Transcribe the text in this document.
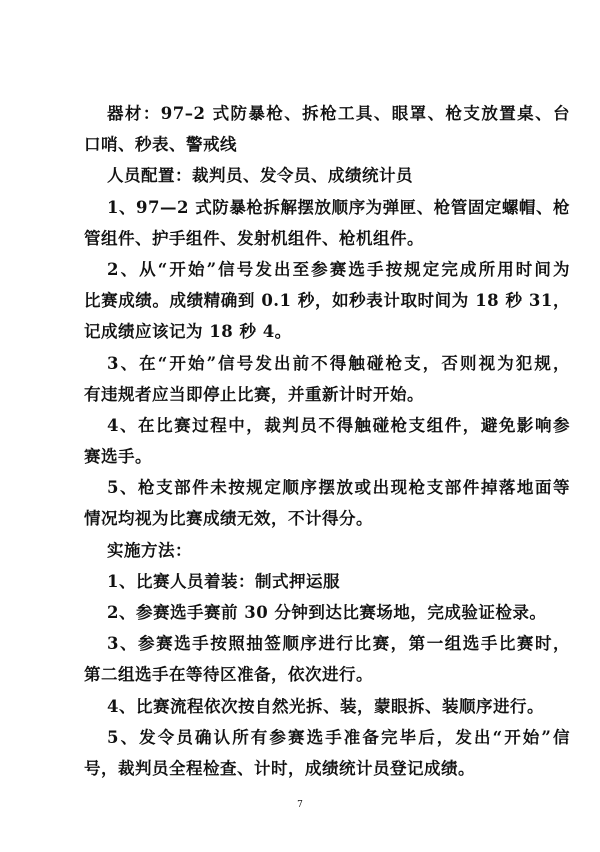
器材：97–2 式防暴枪、拆枪工具、眼罩、枪支放置桌、台
口哨、秒表、警戒线
人员配置：裁判员、发令员、成绩统计员
1、97—2 式防暴枪拆解摆放顺序为弹匣、枪管固定螺帽、枪
管组件、护手组件、发射机组件、枪机组件。
2、从“开始”信号发出至参赛选手按规定完成所用时间为
比赛成绩。成绩精确到 0.1 秒，如秒表计取时间为 18 秒 31，
记成绩应该记为 18 秒 4。
3、在“开始”信号发出前不得触碰枪支，否则视为犯规，
有违规者应当即停止比赛，并重新计时开始。
4、在比赛过程中，裁判员不得触碰枪支组件，避免影响参
赛选手。
5、枪支部件未按规定顺序摆放或出现枪支部件掉落地面等
情况均视为比赛成绩无效，不计得分。
实施方法：
1、比赛人员着装：制式押运服
2、参赛选手赛前 30 分钟到达比赛场地，完成验证检录。
3、参赛选手按照抽签顺序进行比赛，第一组选手比赛时，
第二组选手在等待区准备，依次进行。
4、比赛流程依次按自然光拆、装，蒙眼拆、装顺序进行。
5、发令员确认所有参赛选手准备完毕后，发出“开始”信
号，裁判员全程检查、计时，成绩统计员登记成绩。
7
